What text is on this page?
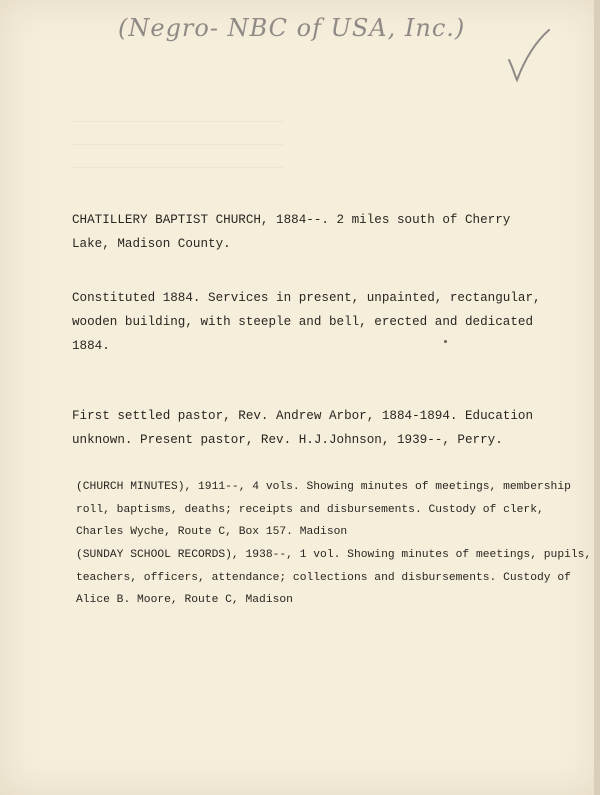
(Negro- NBC of USA, Inc.)
────────────────────────────────
────────────────────────────────
────────────────────────────────

CHATILLERY BAPTIST CHURCH, 1884--. 2 miles south of Cherry

Lake, Madison County.

Constituted 1884. Services in present, unpainted, rectangular,

wooden building, with steeple and bell, erected and dedicated

1884.

First settled pastor, Rev. Andrew Arbor, 1884-1894. Education

unknown. Present pastor, Rev. H.J.Johnson, 1939--, Perry.

(CHURCH MINUTES), 1911--, 4 vols. Showing minutes of meetings, membership

roll, baptisms, deaths; receipts and disbursements. Custody of clerk,

Charles Wyche, Route C, Box 157. Madison

(SUNDAY SCHOOL RECORDS), 1938--, 1 vol. Showing minutes of meetings, pupils,

teachers, officers, attendance; collections and disbursements. Custody of

Alice B. Moore, Route C, Madison
